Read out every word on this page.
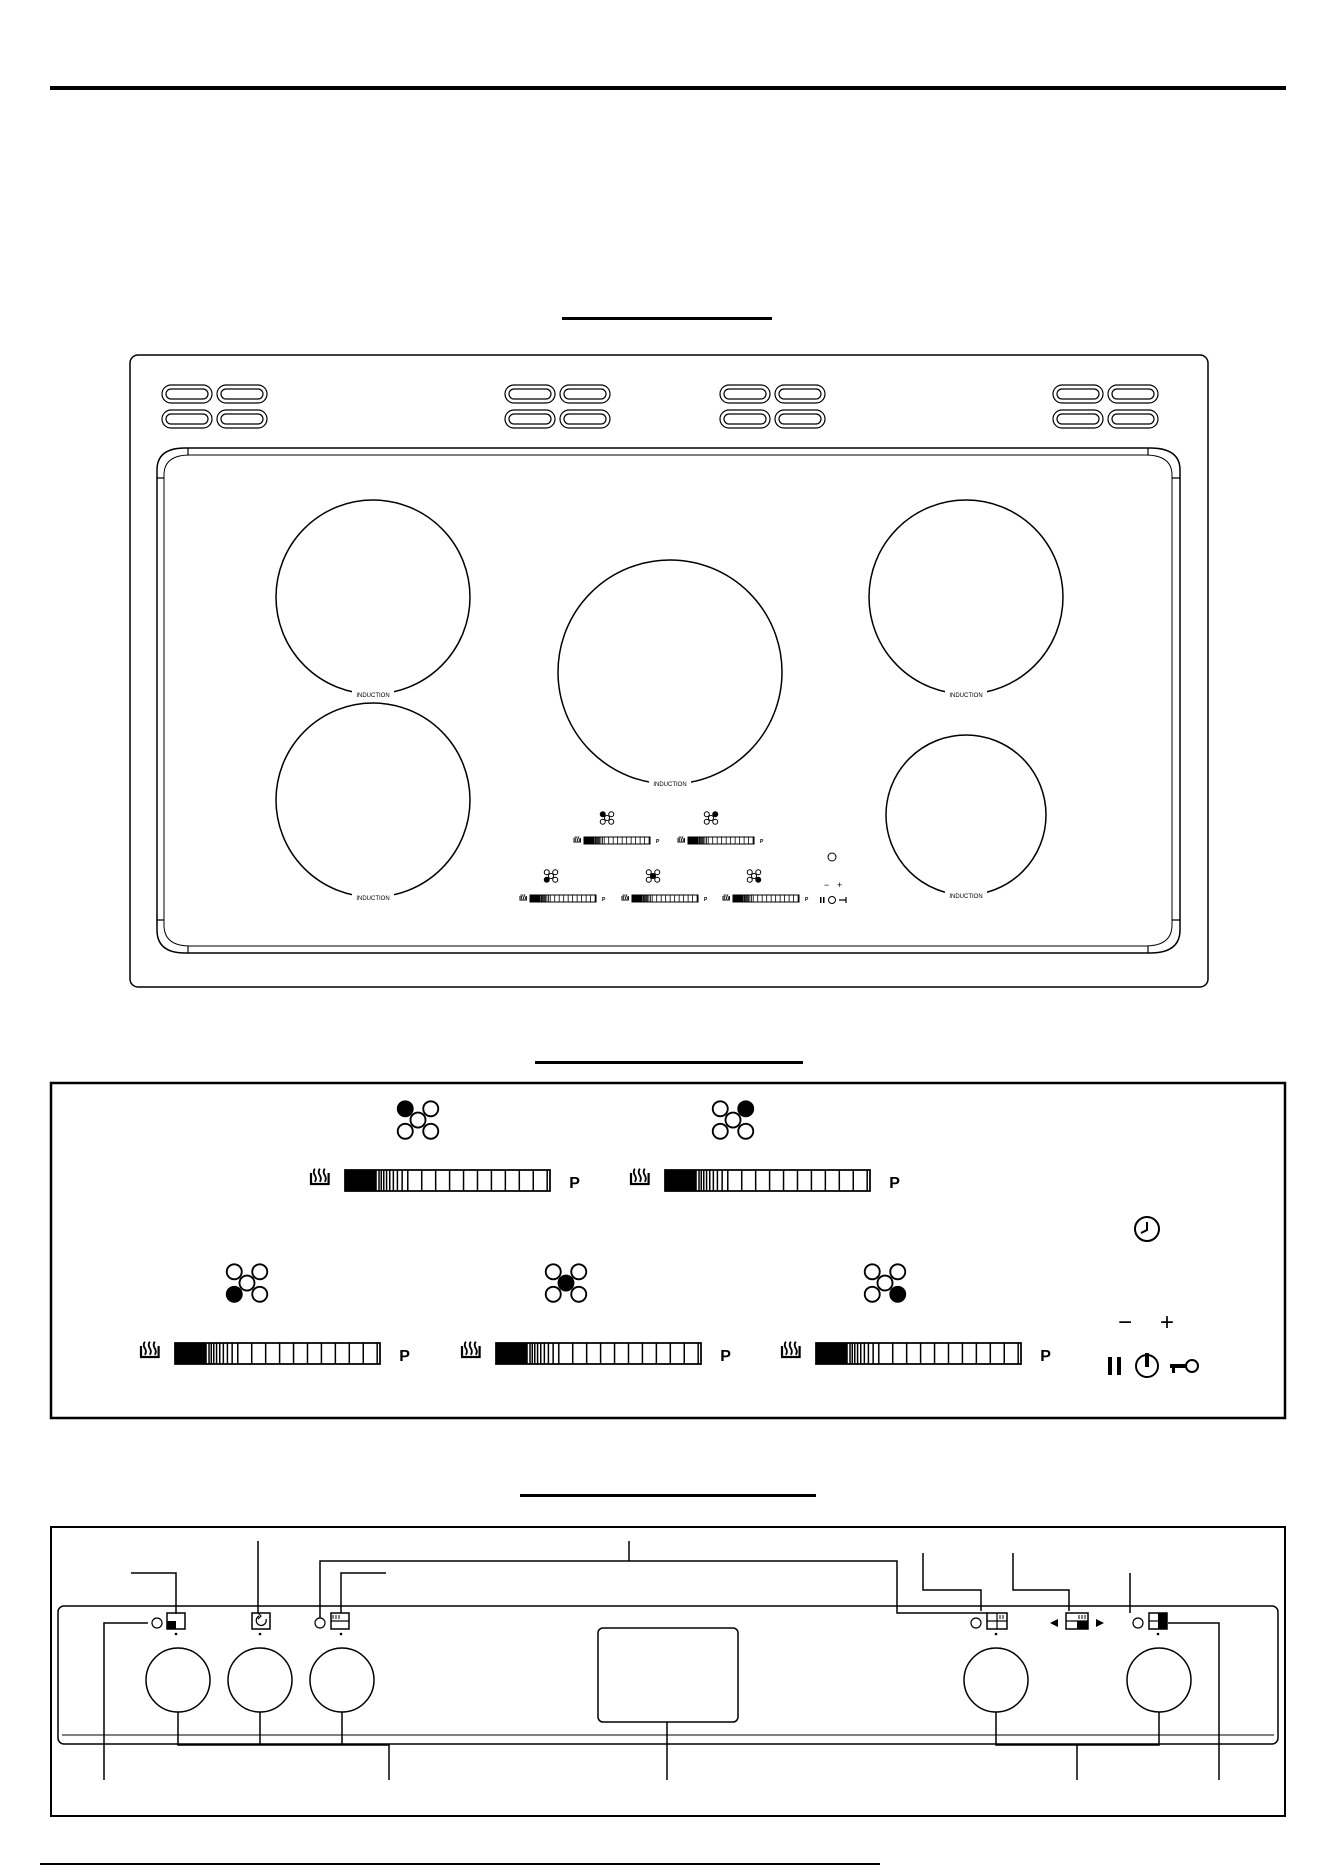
INDUCTION
INDUCTION
INDUCTION
INDUCTION
INDUCTION
P	P
P	P	P
− +
P	P
P	P	P
− +
